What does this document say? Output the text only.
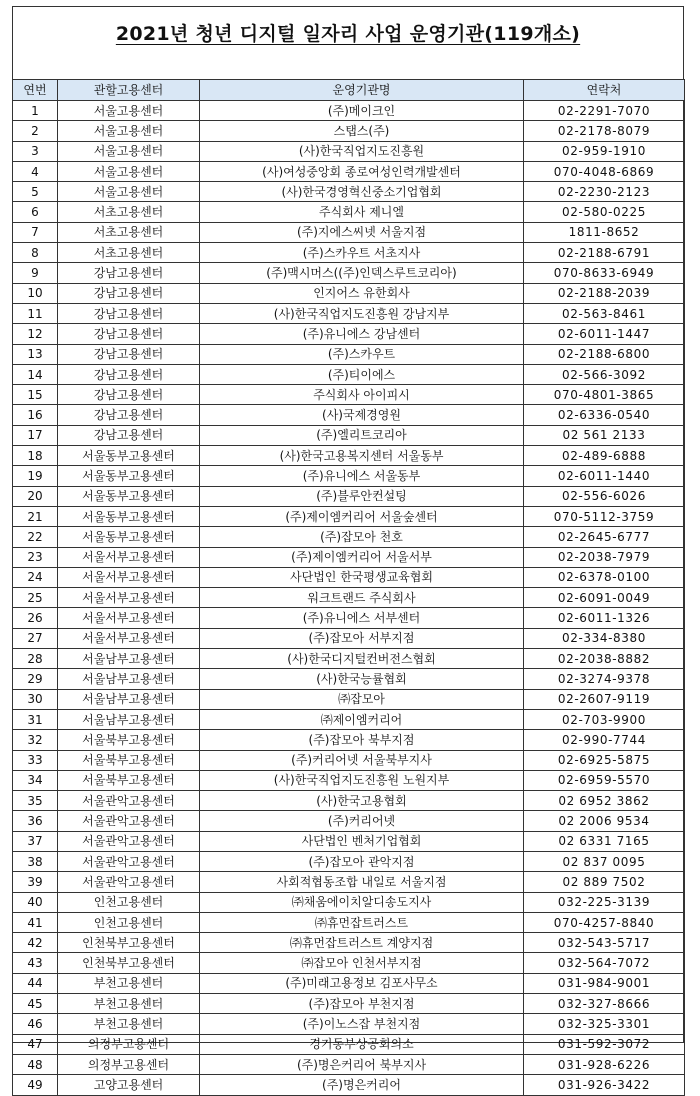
2021년 청년 디지털 일자리 사업 운영기관(119개소)
연번	관할고용센터	운영기관명	연락처
1	서울고용센터	(주)메이크인	02-2291-7070
2	서울고용센터	스탭스(주)	02-2178-8079
3	서울고용센터	(사)한국직업지도진흥원	02-959-1910
4	서울고용센터	(사)여성중앙회 종로여성인력개발센터	070-4048-6869
5	서울고용센터	(사)한국경영혁신중소기업협회	02-2230-2123
6	서초고용센터	주식회사 제니엘	02-580-0225
7	서초고용센터	(주)지에스씨넷 서울지점	1811-8652
8	서초고용센터	(주)스카우트 서초지사	02-2188-6791
9	강남고용센터	(주)맥시머스((주)인덱스루트코리아)	070-8633-6949
10	강남고용센터	인지어스 유한회사	02-2188-2039
11	강남고용센터	(사)한국직업지도진흥원 강남지부	02-563-8461
12	강남고용센터	(주)유니에스 강남센터	02-6011-1447
13	강남고용센터	(주)스카우트	02-2188-6800
14	강남고용센터	(주)티이에스	02-566-3092
15	강남고용센터	주식회사 아이피시	070-4801-3865
16	강남고용센터	(사)국제경영원	02-6336-0540
17	강남고용센터	(주)엘리트코리아	02 561 2133
18	서울동부고용센터	(사)한국고용복지센터 서울동부	02-489-6888
19	서울동부고용센터	(주)유니에스 서울동부	02-6011-1440
20	서울동부고용센터	(주)블루안컨설팅	02-556-6026
21	서울동부고용센터	(주)제이엠커리어 서울숲센터	070-5112-3759
22	서울동부고용센터	(주)잡모아 천호	02-2645-6777
23	서울서부고용센터	(주)제이엠커리어 서울서부	02-2038-7979
24	서울서부고용센터	사단법인 한국평생교육협회	02-6378-0100
25	서울서부고용센터	워크트랜드 주식회사	02-6091-0049
26	서울서부고용센터	(주)유니에스 서부센터	02-6011-1326
27	서울서부고용센터	(주)잡모아 서부지점	02-334-8380
28	서울남부고용센터	(사)한국디지털컨버전스협회	02-2038-8882
29	서울남부고용센터	(사)한국능률협회	02-3274-9378
30	서울남부고용센터	㈜잡모아	02-2607-9119
31	서울남부고용센터	㈜제이엠커리어	02-703-9900
32	서울북부고용센터	(주)잡모아 북부지점	02-990-7744
33	서울북부고용센터	(주)커리어넷 서울북부지사	02-6925-5875
34	서울북부고용센터	(사)한국직업지도진흥원 노원지부	02-6959-5570
35	서울관악고용센터	(사)한국고용협회	02 6952 3862
36	서울관악고용센터	(주)커리어넷	02 2006 9534
37	서울관악고용센터	사단법인 벤처기업협회	02 6331 7165
38	서울관악고용센터	(주)잡모아 관악지점	02 837 0095
39	서울관악고용센터	사회적협동조합 내일로 서울지점	02 889 7502
40	인천고용센터	㈜채움에이치알디송도지사	032-225-3139
41	인천고용센터	㈜휴먼잡트러스트	070-4257-8840
42	인천북부고용센터	㈜휴먼잡트러스트 계양지점	032-543-5717
43	인천북부고용센터	㈜잡모아 인천서부지점	032-564-7072
44	부천고용센터	(주)미래고용정보 김포사무소	031-984-9001
45	부천고용센터	(주)잡모아 부천지점	032-327-8666
46	부천고용센터	(주)이노스잡 부천지점	032-325-3301
47	의정부고용센터	경기동부상공회의소	031-592-3072
48	의정부고용센터	(주)명은커리어 북부지사	031-928-6226
49	고양고용센터	(주)명은커리어	031-926-3422
